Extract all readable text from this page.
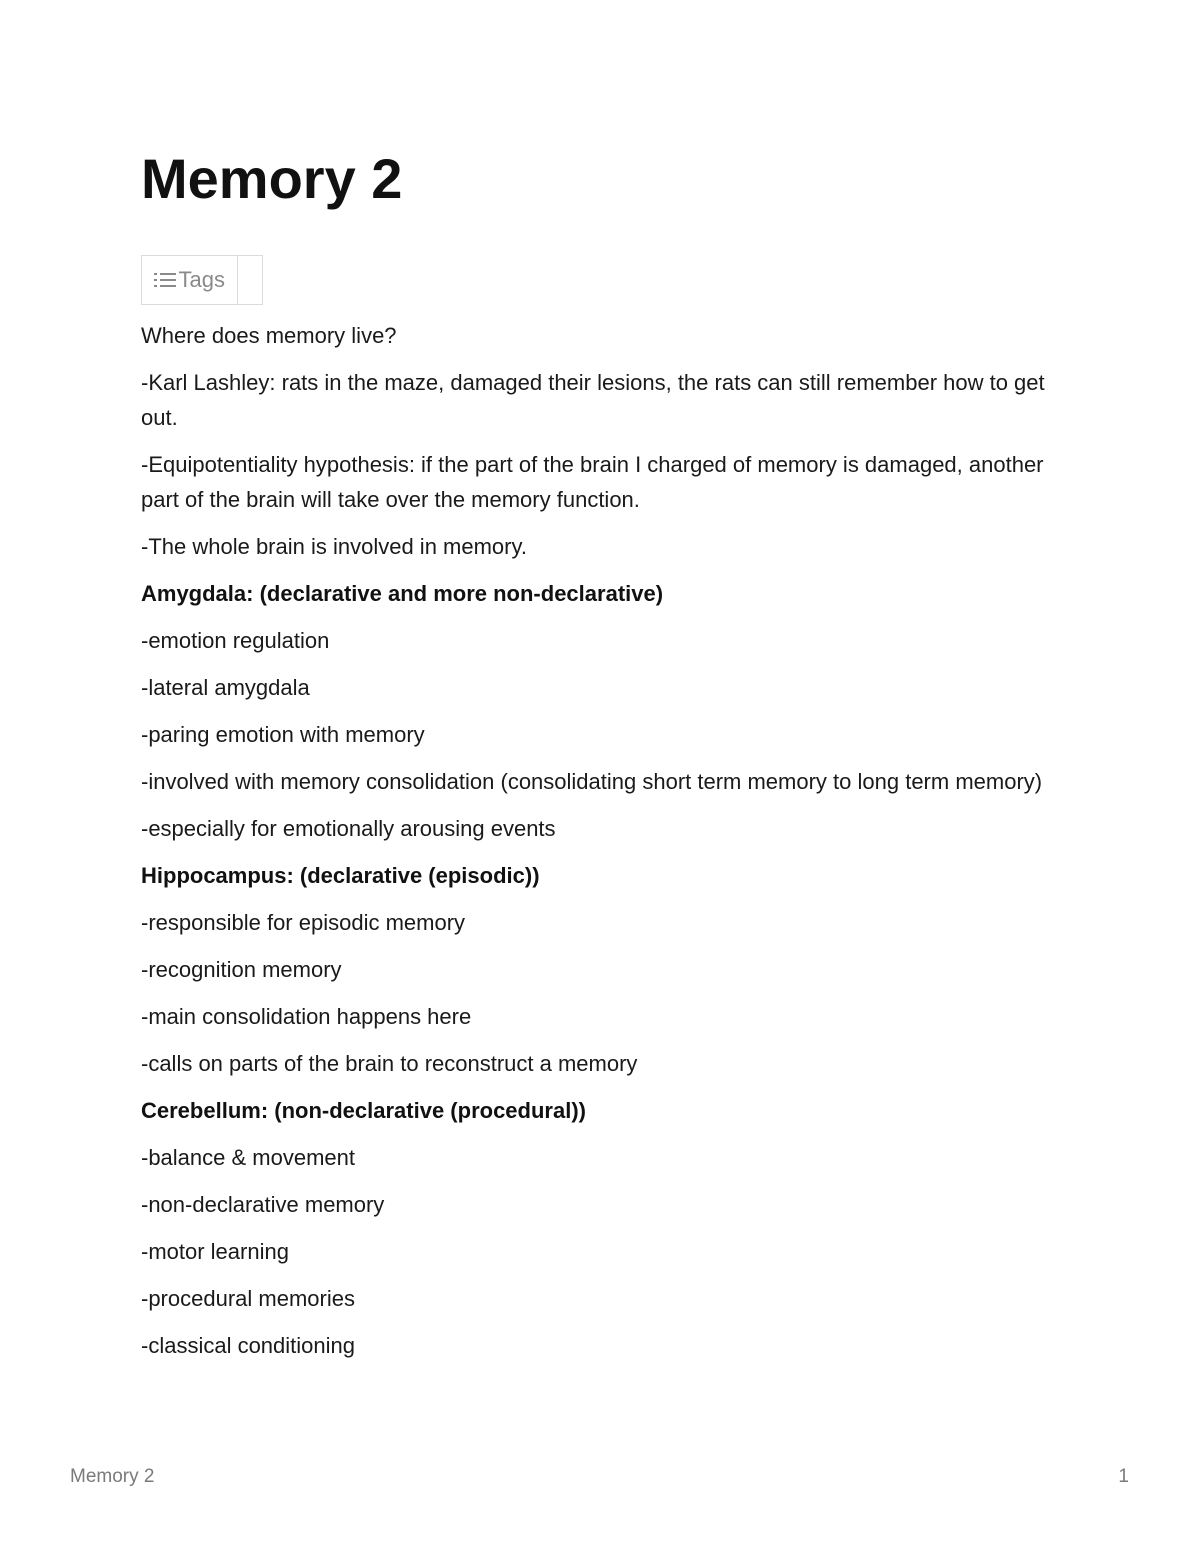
Memory 2
Tags

Where does memory live?

-Karl Lashley: rats in the maze, damaged their lesions, the rats can still remember how to get out.

-Equipotentiality hypothesis: if the part of the brain I charged of memory is damaged, another part of the brain will take over the memory function.

-The whole brain is involved in memory.

Amygdala: (declarative and more non-declarative)

-emotion regulation

-lateral amygdala

-paring emotion with memory

-involved with memory consolidation (consolidating short term memory to long term memory)

-especially for emotionally arousing events

Hippocampus: (declarative (episodic))

-responsible for episodic memory

-recognition memory

-main consolidation happens here

-calls on parts of the brain to reconstruct a memory

Cerebellum: (non-declarative (procedural))

-balance & movement

-non-declarative memory

-motor learning

-procedural memories

-classical conditioning

Memory 2	1
